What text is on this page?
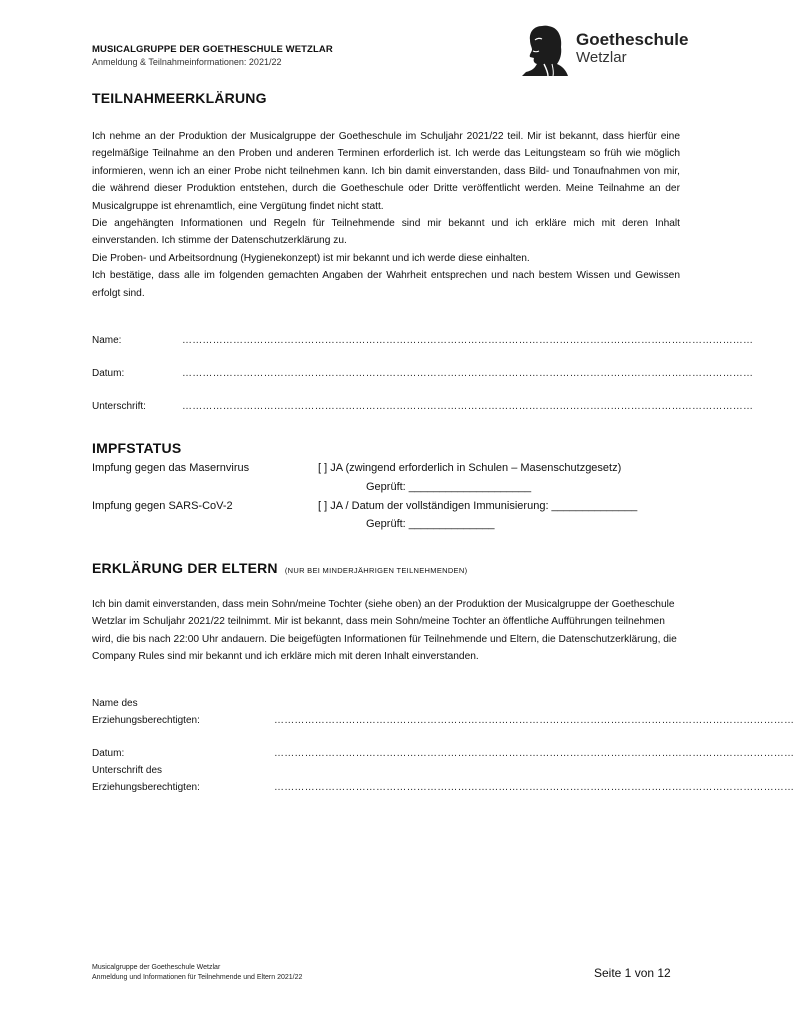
MUSICALGRUPPE DER GOETHESCHULE WETZLAR
Anmeldung & Teilnahmeinformationen: 2021/22
Goetheschule
Wetzlar
TEILNAHMEERKLÄRUNG

Ich nehme an der Produktion der Musicalgruppe der Goetheschule im Schuljahr 2021/22 teil. Mir ist bekannt, dass hierfür eine regelmäßige Teilnahme an den Proben und anderen Terminen erforderlich ist. Ich werde das Leitungsteam so früh wie möglich informieren, wenn ich an einer Probe nicht teilnehmen kann. Ich bin damit einverstanden, dass Bild- und Tonaufnahmen von mir, die während dieser Produktion entstehen, durch die Goetheschule oder Dritte veröffentlicht werden. Meine Teilnahme an der Musicalgruppe ist ehrenamtlich, eine Vergütung findet nicht statt.

Die angehängten Informationen und Regeln für Teilnehmende sind mir bekannt und ich erkläre mich mit deren Inhalt einverstanden. Ich stimme der Datenschutzerklärung zu.

Die Proben- und Arbeitsordnung (Hygienekonzept) ist mir bekannt und ich werde diese einhalten.

Ich bestätige, dass alle im folgenden gemachten Angaben der Wahrheit entsprechen und nach bestem Wissen und Gewissen erfolgt sind.

Name:	……………………………………………………………………………………………………………………………………………………
Datum:	……………………………………………………………………………………………………………………………………………………
Unterschrift:	……………………………………………………………………………………………………………………………………………………
IMPFSTATUS
Impfung gegen das Masernvirus	[ ] JA (zwingend erforderlich in Schulen – Masenschutzgesetz)
Geprüft: ____________________
Impfung gegen SARS-CoV-2	[ ] JA / Datum der vollständigen Immunisierung: ______________
Geprüft: ______________
ERKLÄRUNG DER ELTERN (NUR BEI MINDERJÄHRIGEN TEILNEHMENDEN)
Ich bin damit einverstanden, dass mein Sohn/meine Tochter (siehe oben) an der Produktion der Musicalgruppe der Goetheschule Wetzlar im Schuljahr 2021/22 teilnimmt. Mir ist bekannt, dass mein Sohn/meine Tochter an öffentliche Aufführungen teilnehmen wird, die bis nach 22:00 Uhr andauern. Die beigefügten Informationen für Teilnehmende und Eltern, die Datenschutzerklärung, die Company Rules sind mir bekannt und ich erkläre mich mit deren Inhalt einverstanden.
Name des
Erziehungsberechtigten:	………………………………………………………………………………………………………………………………………
Datum:	………………………………………………………………………………………………………………………………………
Unterschrift des
Erziehungsberechtigten:	………………………………………………………………………………………………………………………………………
Musicalgruppe der Goetheschule Wetzlar
Anmeldung und Informationen für Teilnehmende und Eltern 2021/22	Seite 1 von 12
